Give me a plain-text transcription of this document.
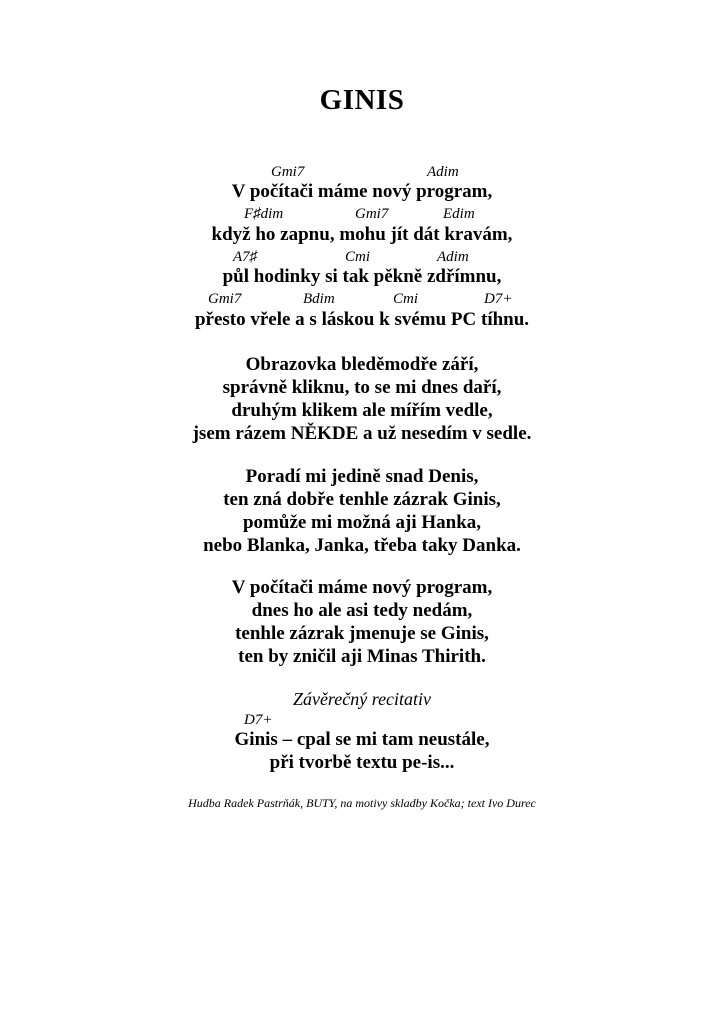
GINIS
Gmi7	Adim
V počítači máme nový program,
F♯dim	Gmi7	Edim
když ho zapnu, mohu jít dát kravám,
A7♯	Cmi	Adim
půl hodinky si tak pěkně zdřímnu,
Gmi7	Bdim	Cmi	D7+
přesto vřele a s láskou k svému PC tíhnu.
Obrazovka bleděmodře září,
správně kliknu, to se mi dnes daří,
druhým klikem ale mířím vedle,
jsem rázem NĚKDE a už nesedím v sedle.
Poradí mi jedině snad Denis,
ten zná dobře tenhle zázrak Ginis,
pomůže mi možná aji Hanka,
nebo Blanka, Janka, třeba taky Danka.
V počítači máme nový program,
dnes ho ale asi tedy nedám,
tenhle zázrak jmenuje se Ginis,
ten by zničil aji Minas Thirith.
Závěrečný recitativ
D7+
Ginis – cpal se mi tam neustále,
při tvorbě textu pe-is...
Hudba Radek Pastrňák, BUTY, na motivy skladby Kočka; text Ivo Durec
